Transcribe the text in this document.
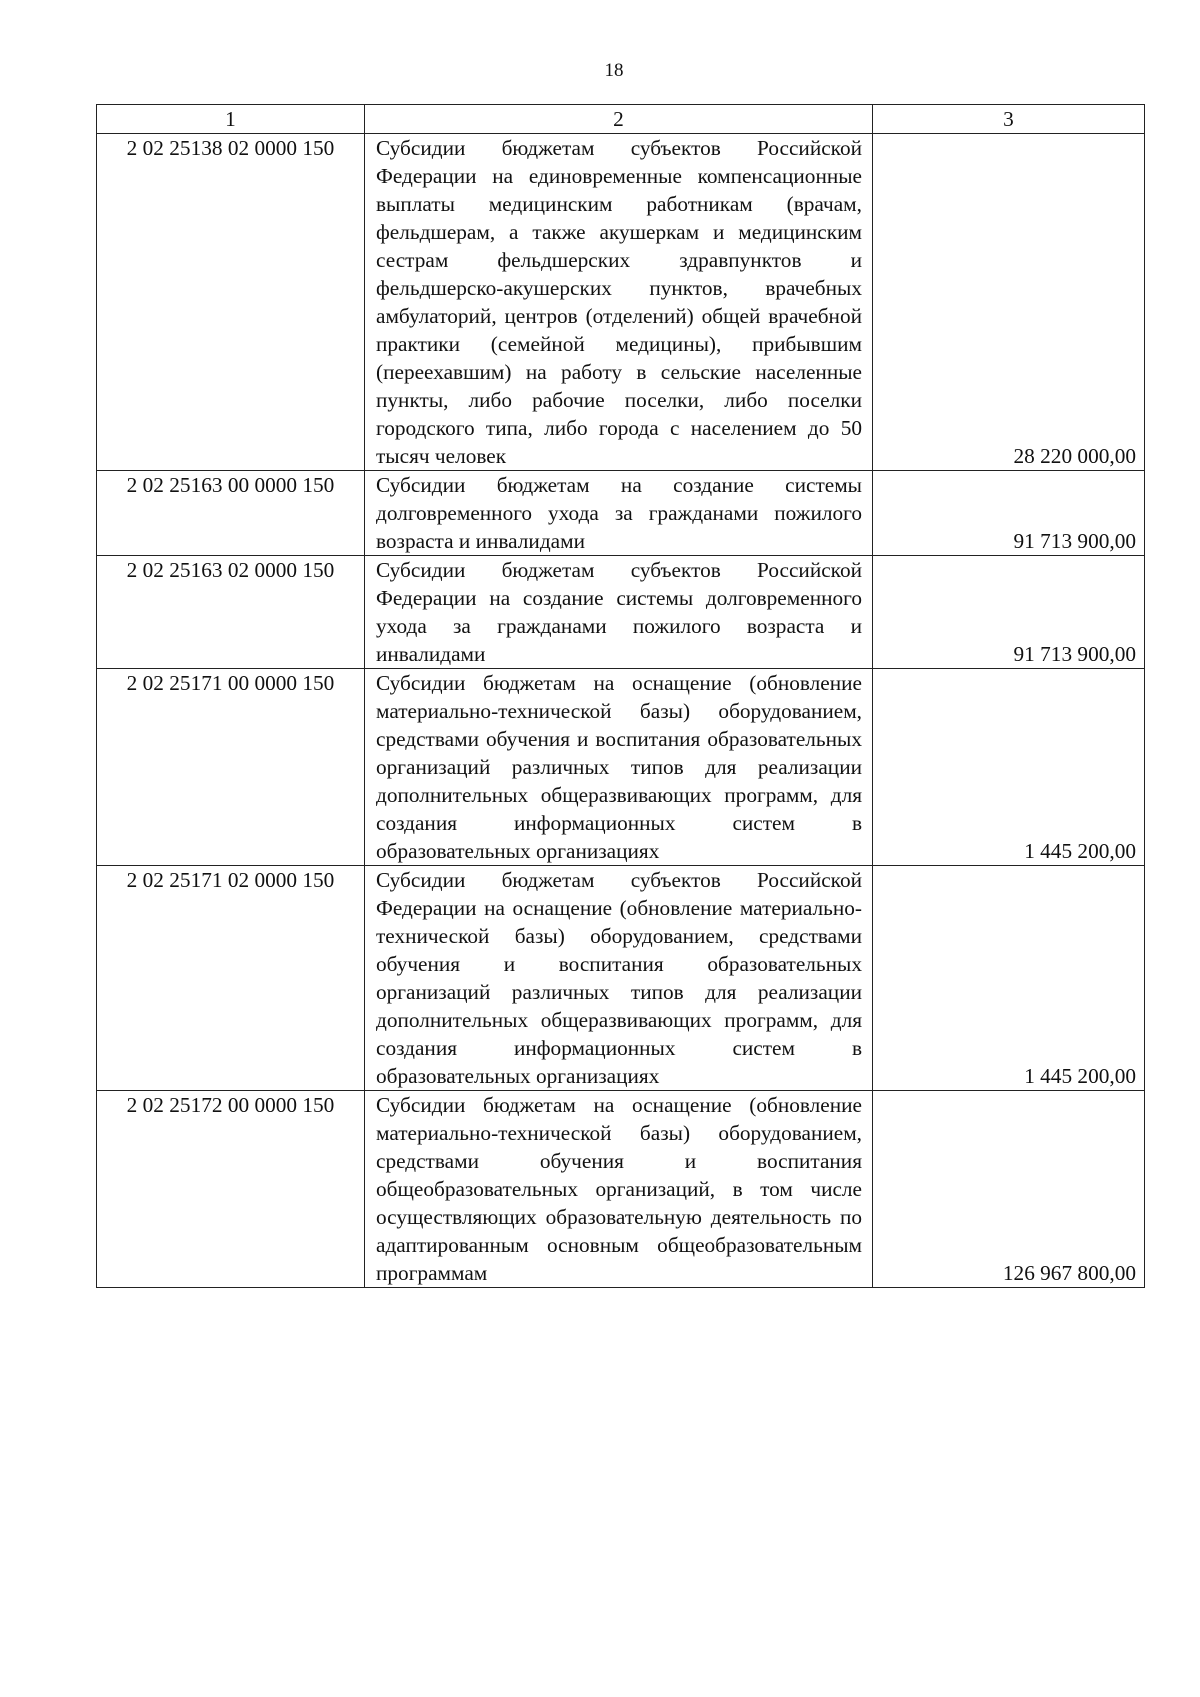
18
1	2	3
2 02 25138 02 0000 150	Субсидии бюджетам субъектов Российской Федерации на единовременные компенсационные выплаты медицинским работникам (врачам, фельдшерам, а также акушеркам и медицинским сестрам фельдшерских здравпунктов и фельдшерско-акушерских пунктов, врачебных амбулаторий, центров (отделений) общей врачебной практики (семейной медицины), прибывшим (переехавшим) на работу в сельские населенные пункты, либо рабочие поселки, либо поселки городского типа, либо города с населением до 50 тысяч человек	28 220 000,00
2 02 25163 00 0000 150	Субсидии бюджетам на создание системы долговременного ухода за гражданами пожилого возраста и инвалидами	91 713 900,00
2 02 25163 02 0000 150	Субсидии бюджетам субъектов Российской Федерации на создание системы долговременного ухода за гражданами пожилого возраста и инвалидами	91 713 900,00
2 02 25171 00 0000 150	Субсидии бюджетам на оснащение (обновление материально-технической базы) оборудованием, средствами обучения и воспитания образовательных организаций различных типов для реализации дополнительных общеразвивающих программ, для создания информационных систем в образовательных организациях	1 445 200,00
2 02 25171 02 0000 150	Субсидии бюджетам субъектов Российской Федерации на оснащение (обновление материально-технической базы) оборудованием, средствами обучения и воспитания образовательных организаций различных типов для реализации дополнительных общеразвивающих программ, для создания информационных систем в образовательных организациях	1 445 200,00
2 02 25172 00 0000 150	Субсидии бюджетам на оснащение (обновление материально-технической базы) оборудованием, средствами обучения и воспитания общеобразовательных организаций, в том числе осуществляющих образовательную деятельность по адаптированным основным общеобразовательным программам	126 967 800,00
